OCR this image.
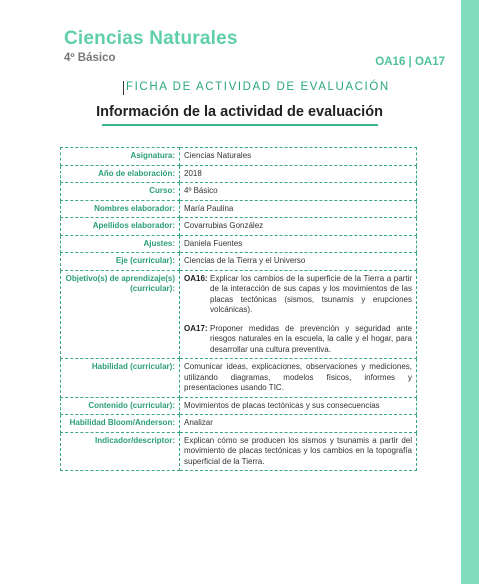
Ciencias Naturales
4º Básico	OA16 | OA17
FICHA DE ACTIVIDAD DE EVALUACIÓN
Información de la actividad de evaluación
Asignatura:	Ciencias Naturales
Año de elaboración:	2018
Curso:	4º Básico
Nombres elaborador:	María Paulina
Apellidos elaborador:	Covarrubias González
Ajustes:	Daniela Fuentes
Eje (curricular):	Ciencias de la Tierra y el Universo
Objetivo(s) de aprendizaje(s) (curricular):	OA16: Explicar los cambios de la superficie de la Tierra a partir de la interacción de sus capas y los movimientos de las placas tectónicas (sismos, tsunamis y erupciones volcánicas).
OA17: Proponer medidas de prevención y seguridad ante riesgos naturales en la escuela, la calle y el hogar, para desarrollar una cultura preventiva.

Habilidad (curricular):	Comunicar ideas, explicaciones, observaciones y mediciones, utilizando diagramas, modelos físicos, informes y presentaciones usando TIC.
Contenido (curricular):	Movimientos de placas tectónicas y sus consecuencias
Habilidad Bloom/Anderson:	Analizar
Indicador/descriptor:	Explican cómo se producen los sismos y tsunamis a partir del movimiento de placas tectónicas y los cambios en la topografía superficial de la Tierra.
